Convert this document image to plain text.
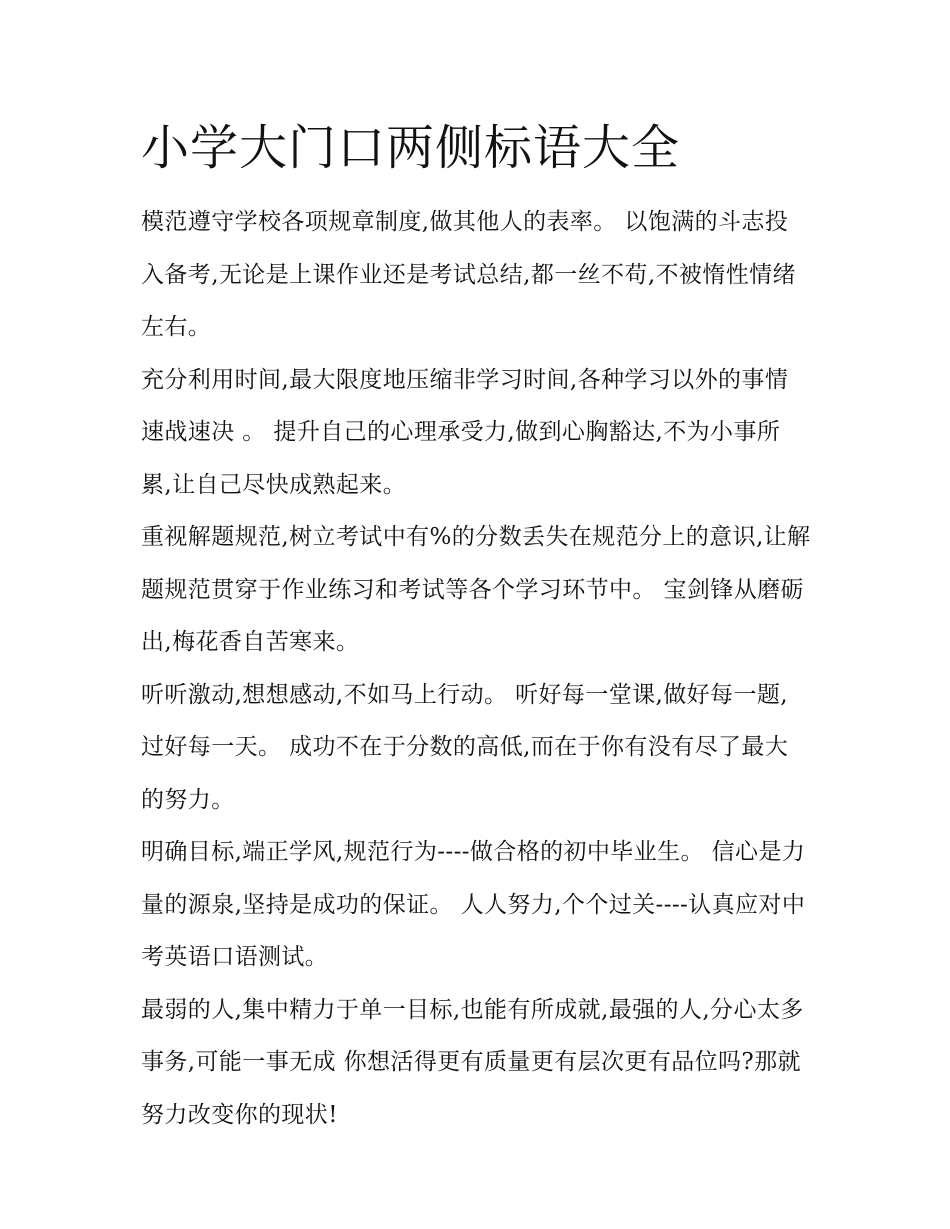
小学大门口两侧标语大全

模范遵守学校各项规章制度,做其他人的表率。 以饱满的斗志投入备考,无论是上课作业还是考试总结,都一丝不苟,不被惰性情绪左右。

充分利用时间,最大限度地压缩非学习时间,各种学习以外的事情速战速决 。 提升自己的心理承受力,做到心胸豁达,不为小事所累,让自己尽快成熟起来。

重视解题规范,树立考试中有%的分数丢失在规范分上的意识,让解题规范贯穿于作业练习和考试等各个学习环节中。 宝剑锋从磨砺出,梅花香自苦寒来。

听听激动,想想感动,不如马上行动。 听好每一堂课,做好每一题,过好每一天。 成功不在于分数的高低,而在于你有没有尽了最大的努力。

明确目标,端正学风,规范行为----做合格的初中毕业生。 信心是力量的源泉,坚持是成功的保证。 人人努力,个个过关----认真应对中考英语口语测试。

最弱的人,集中精力于单一目标,也能有所成就,最强的人,分心太多事务,可能一事无成 你想活得更有质量更有层次更有品位吗?那就努力改变你的现状!
